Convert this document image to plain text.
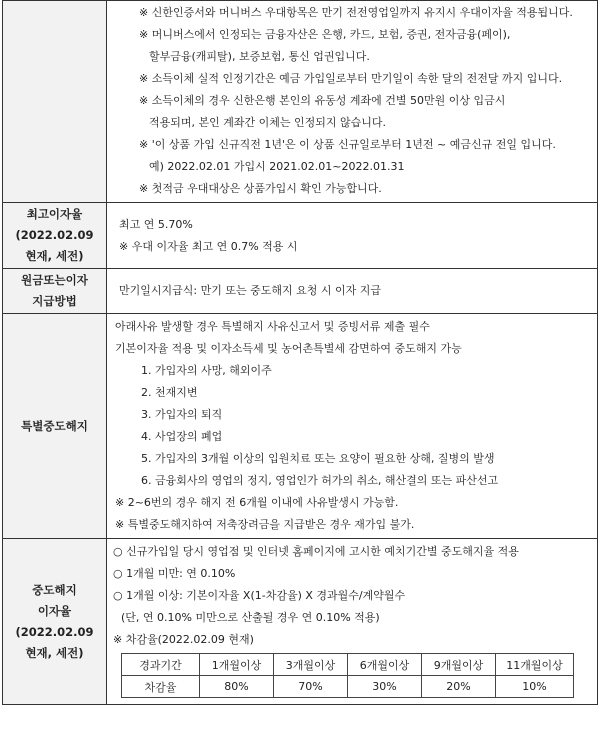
※ 신한인증서와 머니버스 우대항목은 만기 전전영업일까지 유지시 우대이자율 적용됩니다.
※ 머니버스에서 인정되는 금융자산은 은행, 카드, 보험, 증권, 전자금융(페이),
할부금융(캐피탈), 보증보험, 통신 업권입니다.
※ 소득이체 실적 인정기간은 예금 가입일로부터 만기일이 속한 달의 전전달 까지 입니다.
※ 소득이체의 경우 신한은행 본인의 유동성 계좌에 건별 50만원 이상 입금시
적용되며, 본인 계좌간 이체는 인정되지 않습니다.
※ '이 상품 가입 신규직전 1년'은 이 상품 신규일로부터 1년전 ~ 예금신규 전일 입니다.
예) 2022.02.01 가입시 2021.02.01~2022.01.31
※ 첫적금 우대대상은 상품가입시 확인 가능합니다.

최고이자율
(2022.02.09
현재, 세전)

최고 연 5.70%
※ 우대 이자율 최고 연 0.7% 적용 시

원금또는이자
지급방법

만기일시지급식: 만기 또는 중도해지 요청 시 이자 지급

특별중도해지	
아래사유 발생할 경우 특별해지 사유신고서 및 증빙서류 제출 필수
기본이자율 적용 및 이자소득세 및 농어촌특별세 감면하여 중도해지 가능
1. 가입자의 사망, 해외이주
2. 천재지변
3. 가입자의 퇴직
4. 사업장의 폐업
5. 가입자의 3개월 이상의 입원치료 또는 요양이 필요한 상해, 질병의 발생
6. 금융회사의 영업의 정지, 영업인가 허가의 취소, 해산결의 또는 파산선고
※ 2~6번의 경우 해지 전 6개월 이내에 사유발생시 가능함.
※ 특별중도해지하여 저축장려금을 지급받은 경우 재가입 불가.

중도해지
이자율
(2022.02.09
현재, 세전)

○ 신규가입일 당시 영업점 및 인터넷 홈페이지에 고시한 예치기간별 중도해지율 적용
○ 1개월 미만: 연 0.10%
○ 1개월 이상: 기본이자율 X(1-차감율) X 경과월수/계약월수
(단, 연 0.10% 미만으로 산출될 경우 연 0.10% 적용)
※ 차감율(2022.02.09 현재)
경과기간	1개월이상	3개월이상	6개월이상	9개월이상	11개월이상
차감율	80%	70%	30%	20%	10%
